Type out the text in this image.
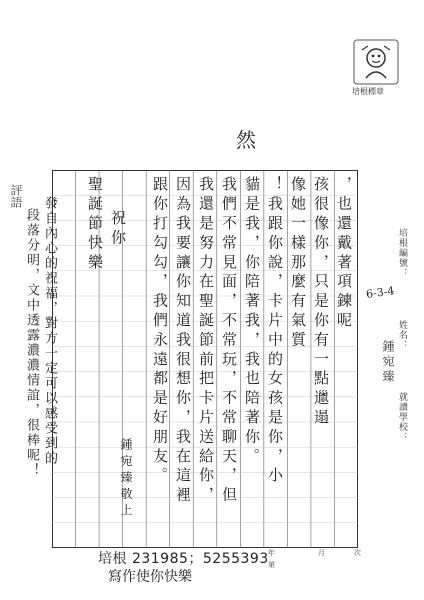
培根標章
然
培根編號：
6-3-4
姓名：
鍾宛臻
就讀學校：
，也還戴著項鍊呢
孩很像你，只是你有一點邋遢
像她一樣那麼有氣質
！我跟你說，卡片中的女孩是你，小
貓是我，你陪著我，我也陪著你。
我們不常見面，不常玩，不常聊天，但
我還是努力在聖誕節前把卡片送給你，
因為我要讓你知道我很想你，我在這裡
跟你打勾勾，我們永遠都是好朋友。
祝你
聖誕節快樂
鍾宛臻敬上
評語 發自內心的祝福，對方一定可以感受到的
段落分明，文中透露濃濃情誼，很棒呢！
年	月	次
第
培根 231985；5255393
寫作使你快樂
